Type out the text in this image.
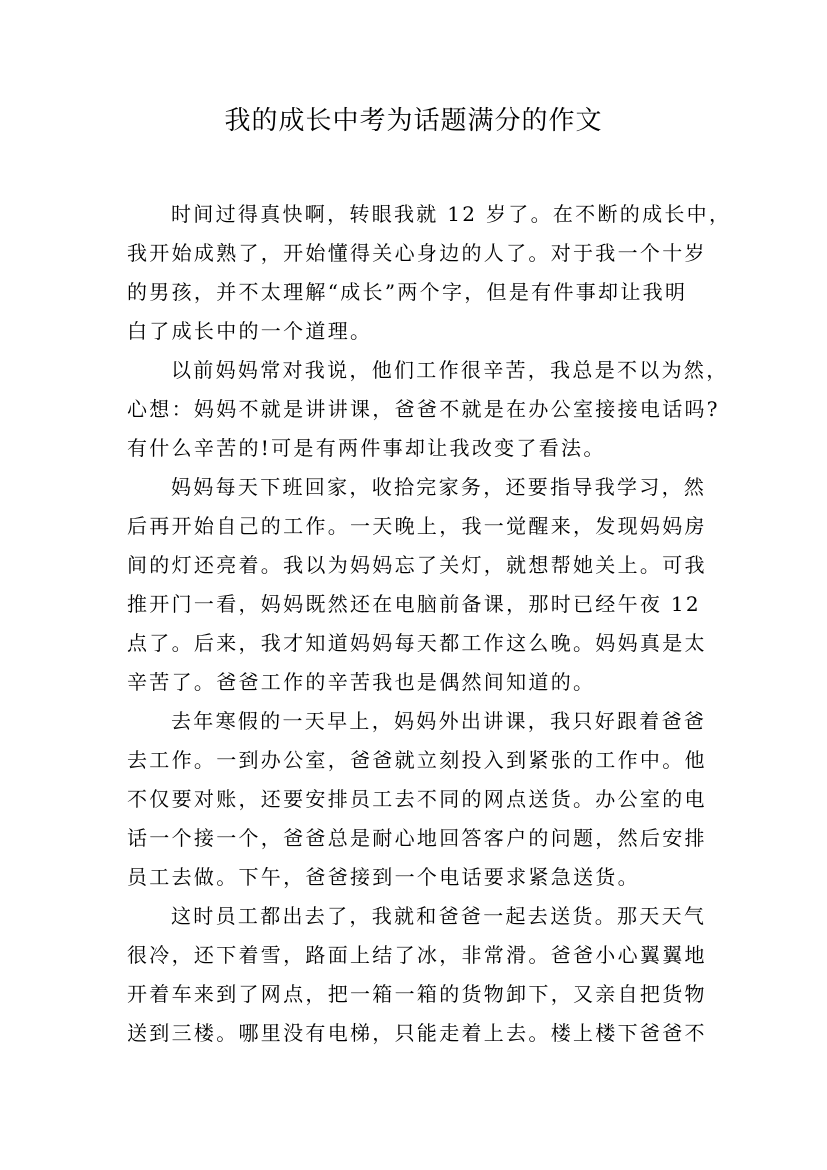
我的成长中考为话题满分的作文

时间过得真快啊，转眼我就 12 岁了。在不断的成长中，
我开始成熟了，开始懂得关心身边的人了。对于我一个十岁
的男孩，并不太理解“成长”两个字，但是有件事却让我明
白了成长中的一个道理。

以前妈妈常对我说，他们工作很辛苦，我总是不以为然，
心想：妈妈不就是讲讲课，爸爸不就是在办公室接接电话吗?
有什么辛苦的!可是有两件事却让我改变了看法。

妈妈每天下班回家，收拾完家务，还要指导我学习，然
后再开始自己的工作。一天晚上，我一觉醒来，发现妈妈房
间的灯还亮着。我以为妈妈忘了关灯，就想帮她关上。可我
推开门一看，妈妈既然还在电脑前备课，那时已经午夜 12
点了。后来，我才知道妈妈每天都工作这么晚。妈妈真是太
辛苦了。爸爸工作的辛苦我也是偶然间知道的。

去年寒假的一天早上，妈妈外出讲课，我只好跟着爸爸
去工作。一到办公室，爸爸就立刻投入到紧张的工作中。他
不仅要对账，还要安排员工去不同的网点送货。办公室的电
话一个接一个，爸爸总是耐心地回答客户的问题，然后安排
员工去做。下午，爸爸接到一个电话要求紧急送货。

这时员工都出去了，我就和爸爸一起去送货。那天天气
很冷，还下着雪，路面上结了冰，非常滑。爸爸小心翼翼地
开着车来到了网点，把一箱一箱的货物卸下，又亲自把货物
送到三楼。哪里没有电梯，只能走着上去。楼上楼下爸爸不
